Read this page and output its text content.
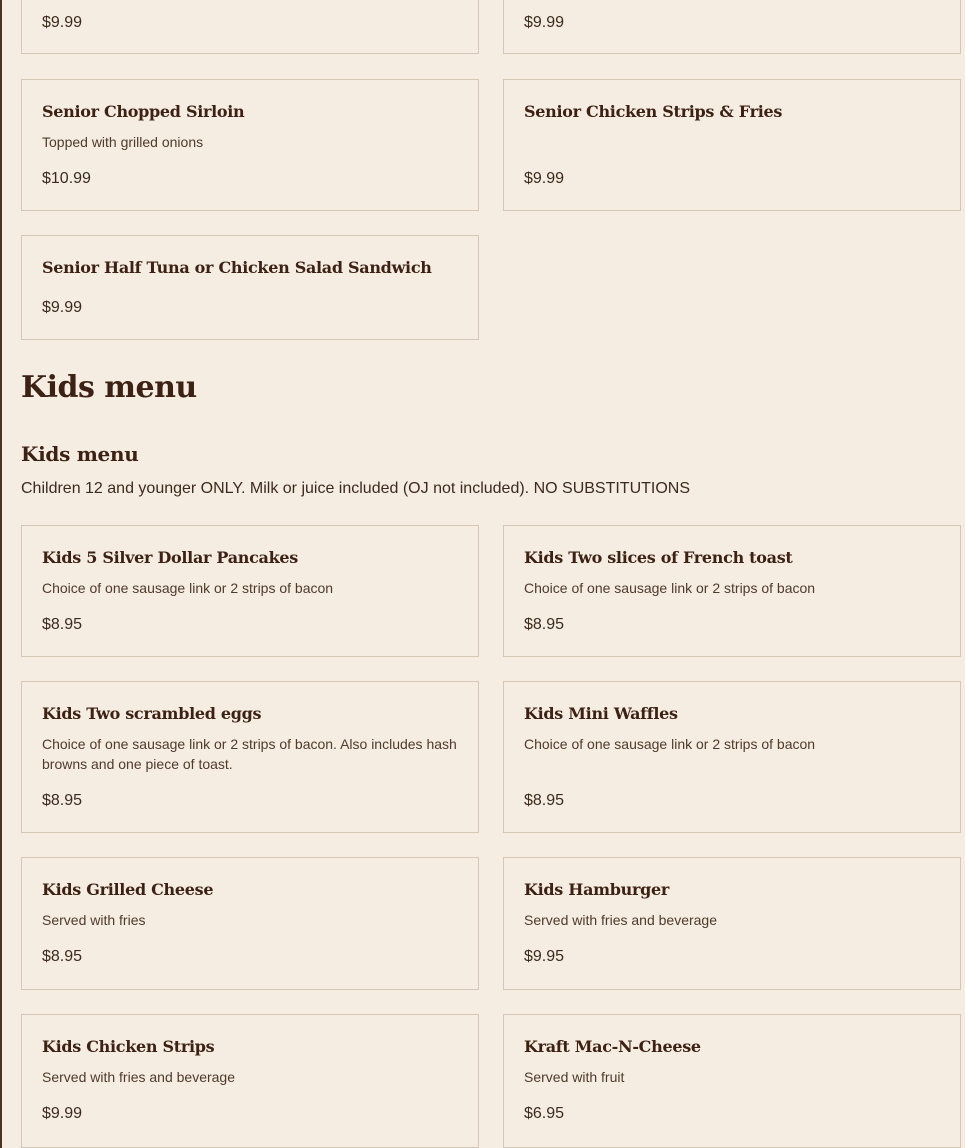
$9.99	$9.99
Senior Chopped Sirloin
Topped with grilled onions
$10.99
Senior Chicken Strips & Fries
$9.99
Senior Half Tuna or Chicken Salad Sandwich
$9.99
Kids menu
Kids menu
Children 12 and younger ONLY. Milk or juice included (OJ not included). NO SUBSTITUTIONS
Kids 5 Silver Dollar Pancakes
Choice of one sausage link or 2 strips of bacon
$8.95
Kids Two slices of French toast
Choice of one sausage link or 2 strips of bacon
$8.95
Kids Two scrambled eggs
Choice of one sausage link or 2 strips of bacon. Also includes hash browns and one piece of toast.
$8.95
Kids Mini Waffles
Choice of one sausage link or 2 strips of bacon
$8.95
Kids Grilled Cheese
Served with fries
$8.95
Kids Hamburger
Served with fries and beverage
$9.95
Kids Chicken Strips
Served with fries and beverage
$9.99
Kraft Mac-N-Cheese
Served with fruit
$6.95
